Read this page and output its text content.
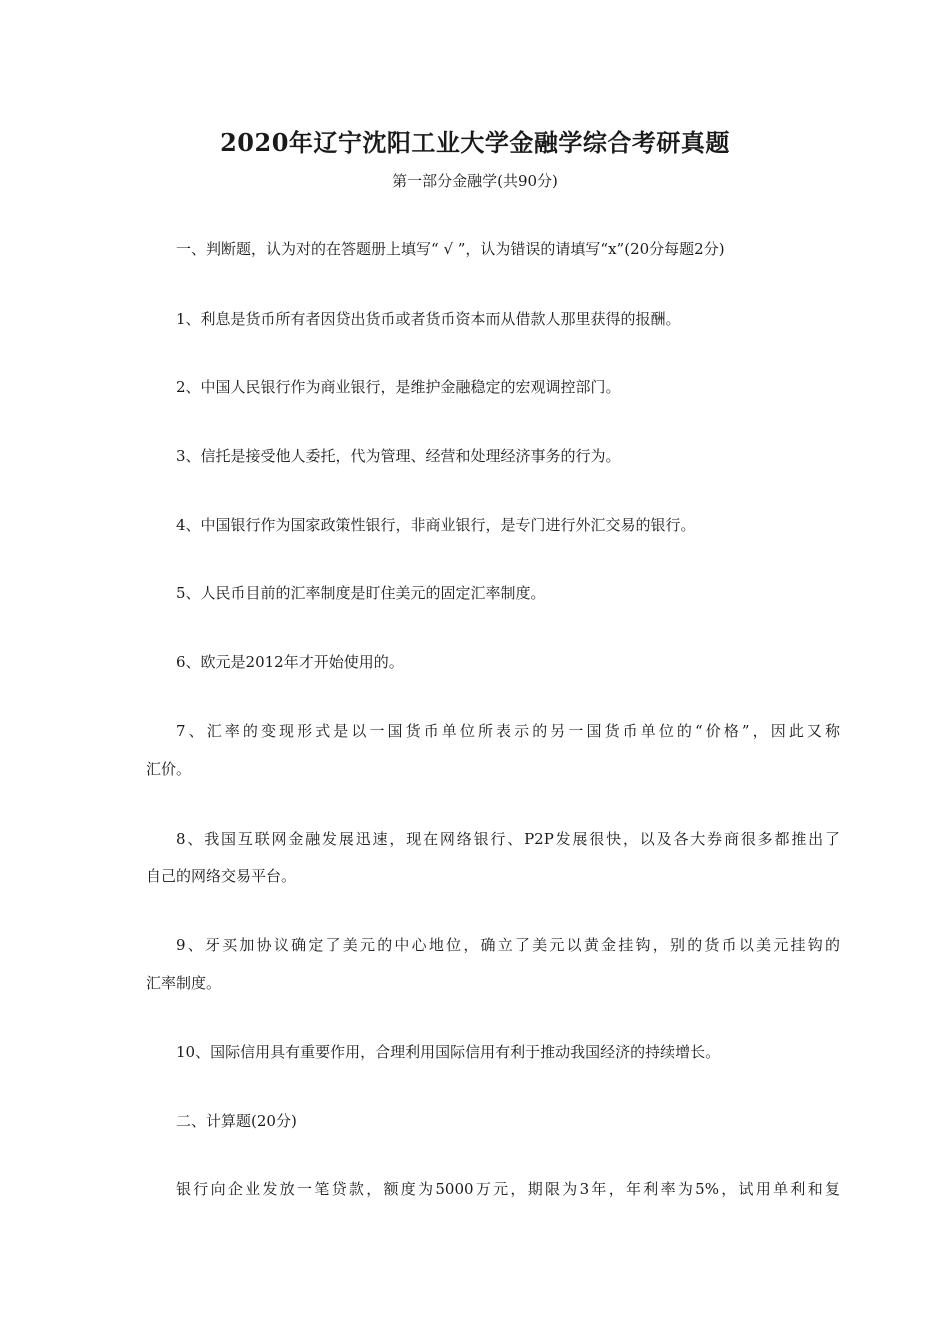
2020年辽宁沈阳工业大学金融学综合考研真题
第一部分金融学(共90分)
一、判断题，认为对的在答题册上填写“ √ ”，认为错误的请填写“x”(20分每题2分)
1、利息是货币所有者因贷出货币或者货币资本而从借款人那里获得的报酬。
2、中国人民银行作为商业银行，是维护金融稳定的宏观调控部门。
3、信托是接受他人委托，代为管理、经营和处理经济事务的行为。
4、中国银行作为国家政策性银行，非商业银行，是专门进行外汇交易的银行。
5、人民币目前的汇率制度是盯住美元的固定汇率制度。
6、欧元是2012年才开始使用的。
7、汇率的变现形式是以一国货币单位所表示的另一国货币单位的“价格”，因此又称
汇价。
8、我国互联网金融发展迅速，现在网络银行、P2P发展很快，以及各大券商很多都推出了
自己的网络交易平台。
9、牙买加协议确定了美元的中心地位，确立了美元以黄金挂钩，别的货币以美元挂钩的
汇率制度。
10、国际信用具有重要作用，合理利用国际信用有利于推动我国经济的持续增长。
二、计算题(20分)
银行向企业发放一笔贷款，额度为5000万元，期限为3年，年利率为5%，试用单利和复
